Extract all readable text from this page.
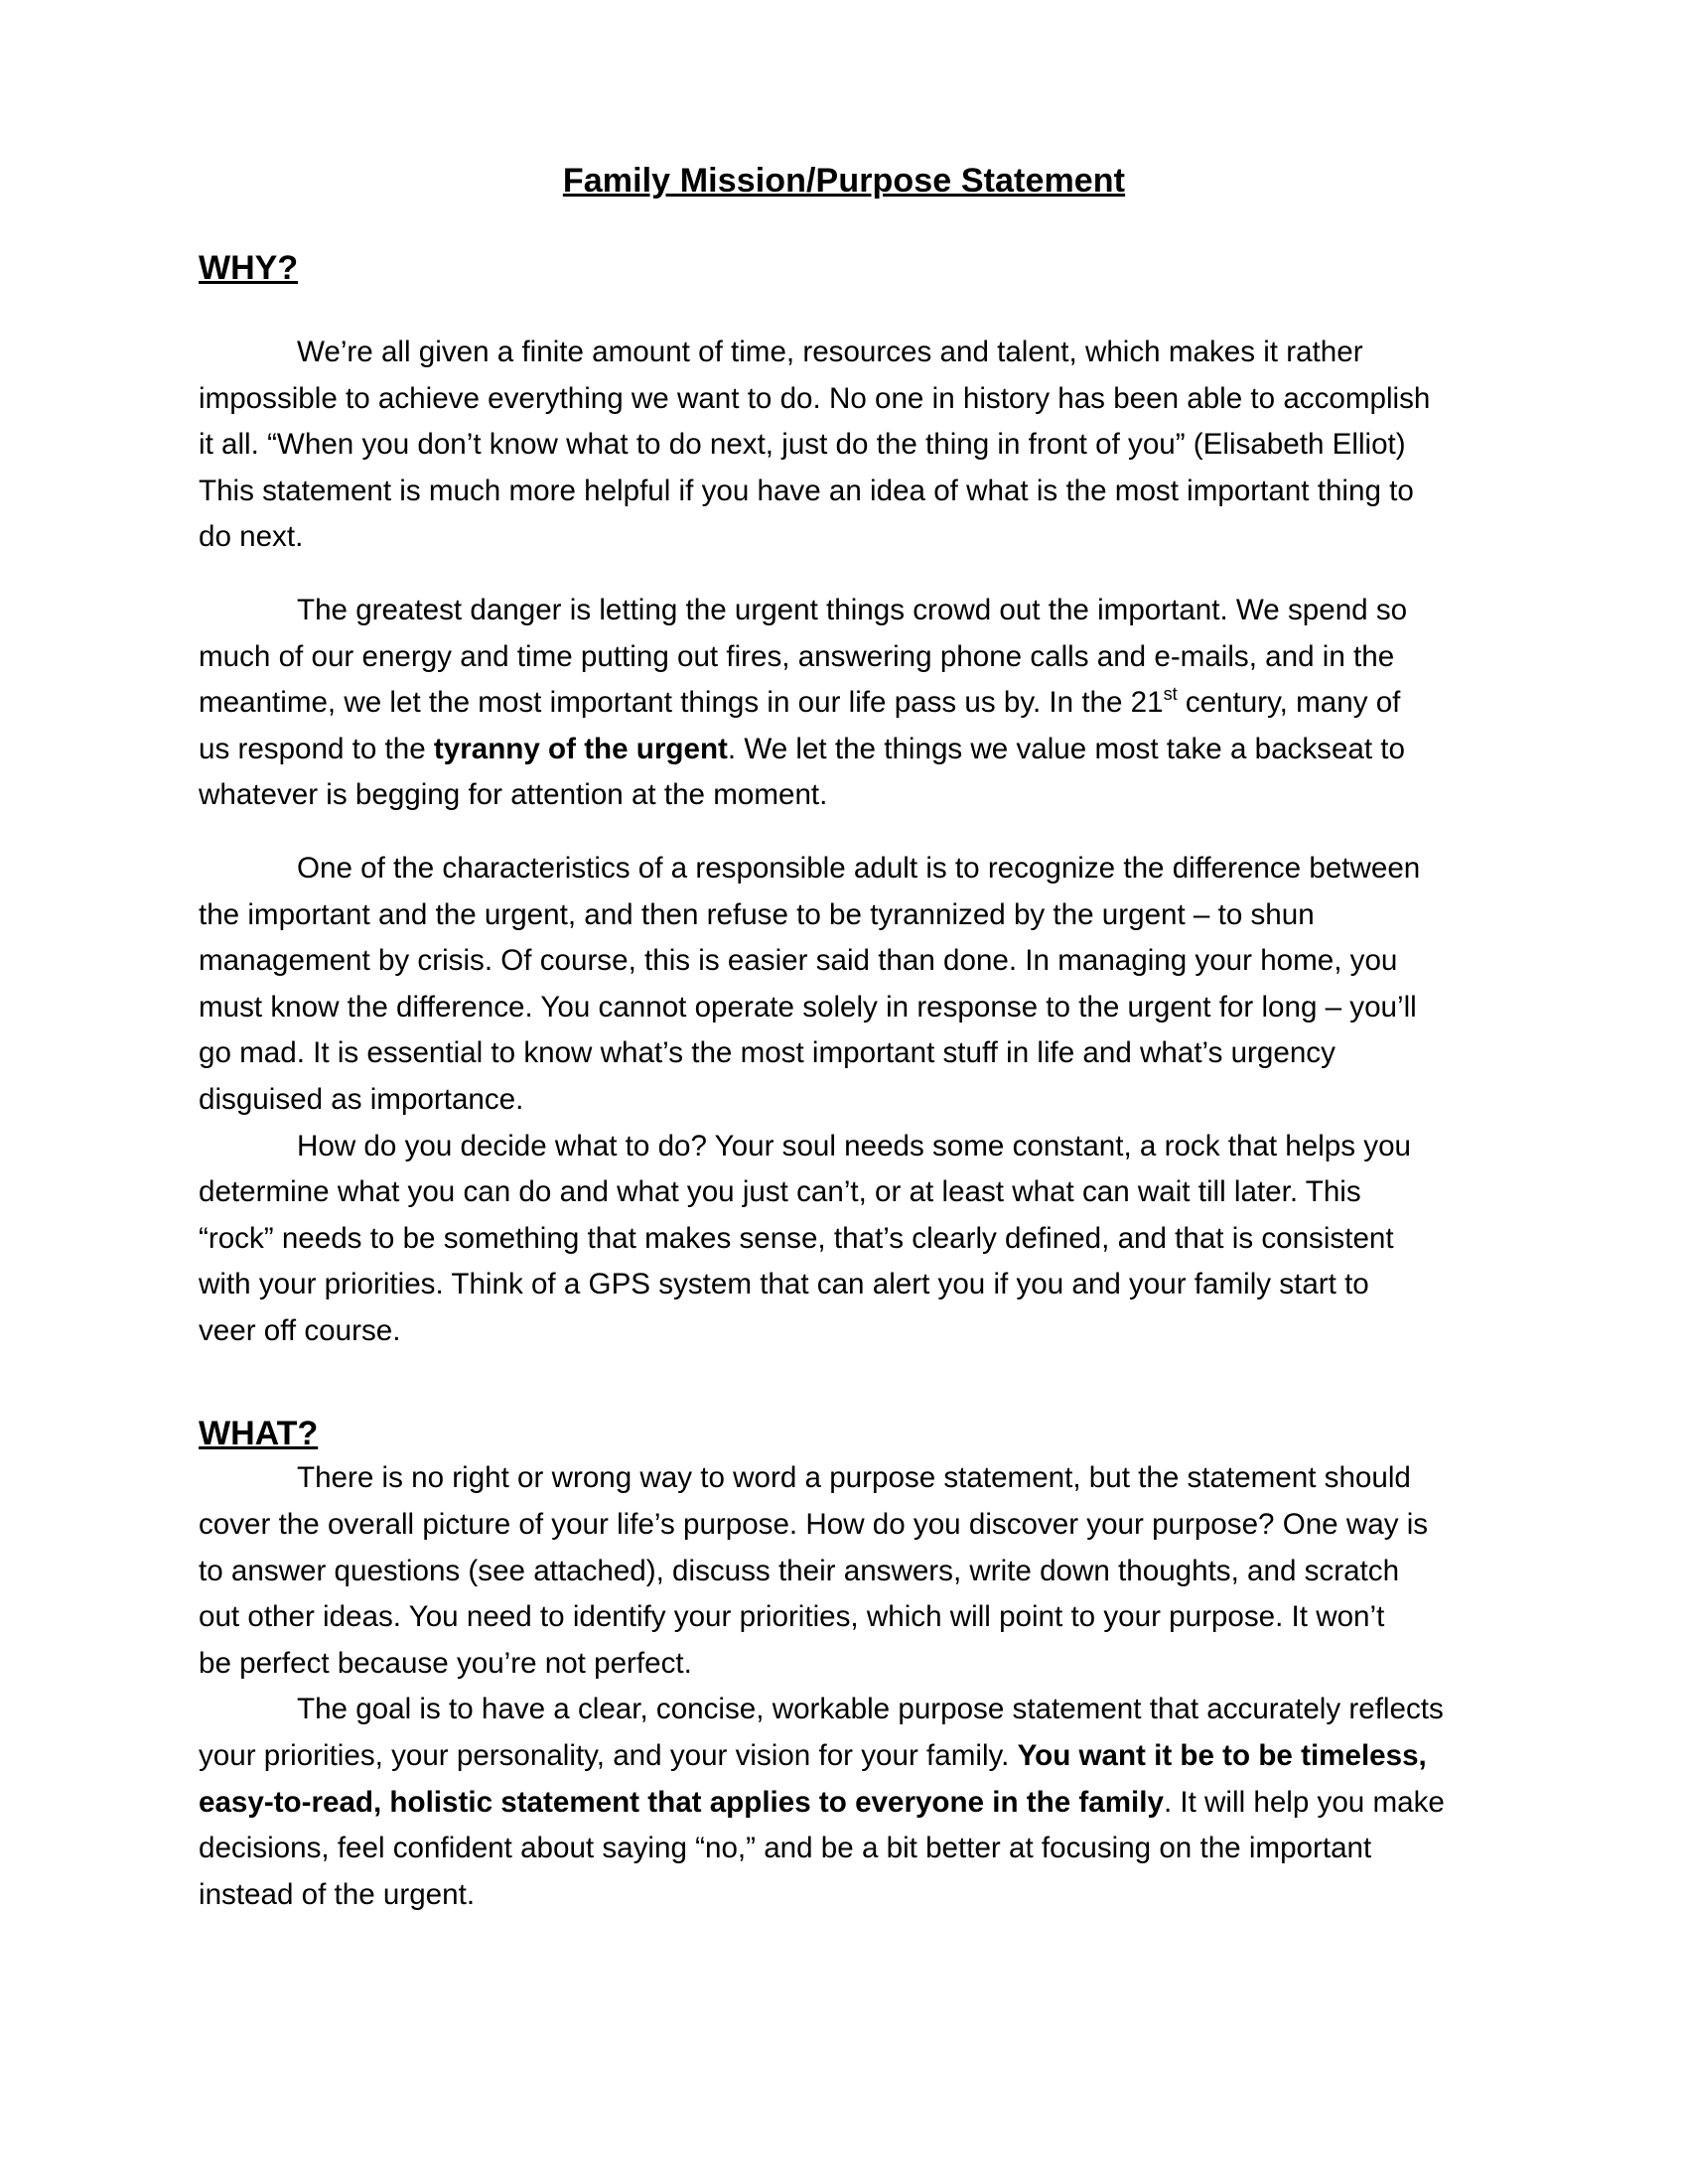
Family Mission/Purpose Statement
WHY?

We’re all given a finite amount of time, resources and talent, which makes it rather
impossible to achieve everything we want to do. No one in history has been able to accomplish
it all. “When you don’t know what to do next, just do the thing in front of you” (Elisabeth Elliot)
This statement is much more helpful if you have an idea of what is the most important thing to
do next.

The greatest danger is letting the urgent things crowd out the important. We spend so
much of our energy and time putting out fires, answering phone calls and e-mails, and in the
meantime, we let the most important things in our life pass us by. In the 21st century, many of
us respond to the tyranny of the urgent. We let the things we value most take a backseat to
whatever is begging for attention at the moment.

One of the characteristics of a responsible adult is to recognize the difference between
the important and the urgent, and then refuse to be tyrannized by the urgent – to shun
management by crisis. Of course, this is easier said than done. In managing your home, you
must know the difference. You cannot operate solely in response to the urgent for long – you’ll
go mad. It is essential to know what’s the most important stuff in life and what’s urgency
disguised as importance.

How do you decide what to do? Your soul needs some constant, a rock that helps you
determine what you can do and what you just can’t, or at least what can wait till later. This
“rock” needs to be something that makes sense, that’s clearly defined, and that is consistent
with your priorities. Think of a GPS system that can alert you if you and your family start to
veer off course.

WHAT?

There is no right or wrong way to word a purpose statement, but the statement should
cover the overall picture of your life’s purpose. How do you discover your purpose? One way is
to answer questions (see attached), discuss their answers, write down thoughts, and scratch
out other ideas. You need to identify your priorities, which will point to your purpose. It won’t
be perfect because you’re not perfect.

The goal is to have a clear, concise, workable purpose statement that accurately reflects
your priorities, your personality, and your vision for your family. You want it be to be timeless,
easy-to-read, holistic statement that applies to everyone in the family. It will help you make
decisions, feel confident about saying “no,” and be a bit better at focusing on the important
instead of the urgent.
